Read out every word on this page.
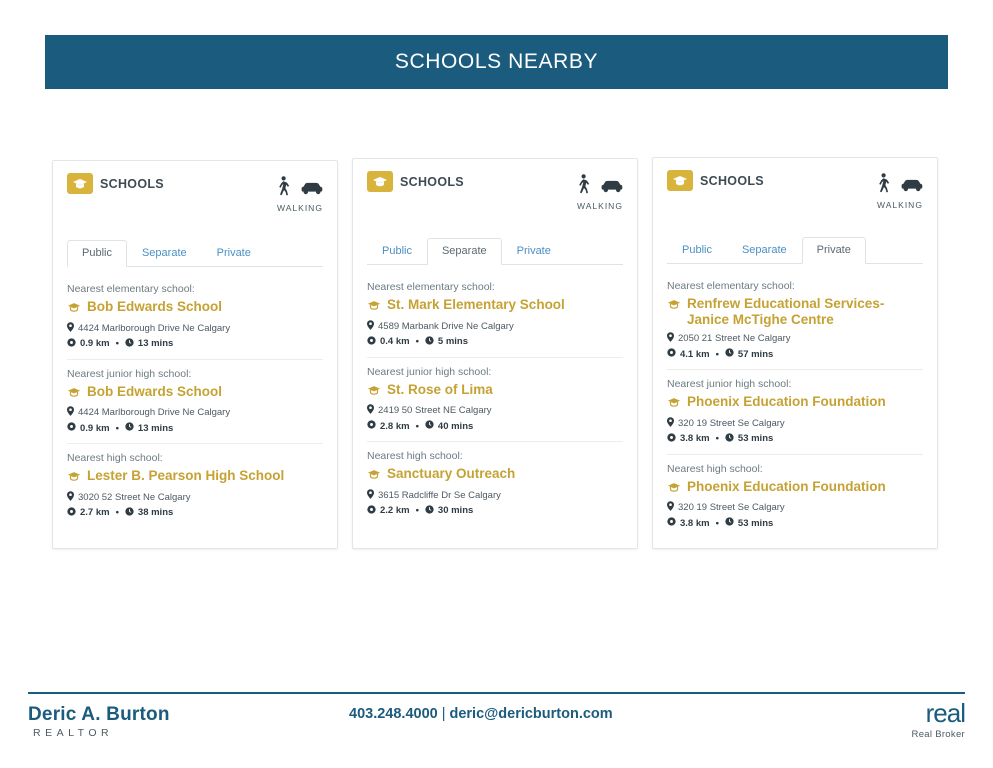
SCHOOLS NEARBY
SCHOOLS
WALKING
Public	Separate	Private
Nearest elementary school:
Bob Edwards School
4424 Marlborough Drive Ne Calgary
0.9 km • 13 mins
Nearest junior high school:
Bob Edwards School
4424 Marlborough Drive Ne Calgary
0.9 km • 13 mins
Nearest high school:
Lester B. Pearson High School
3020 52 Street Ne Calgary
2.7 km • 38 mins
SCHOOLS
WALKING
Public	Separate	Private
Nearest elementary school:
St. Mark Elementary School
4589 Marbank Drive Ne Calgary
0.4 km • 5 mins
Nearest junior high school:
St. Rose of Lima
2419 50 Street NE Calgary
2.8 km • 40 mins
Nearest high school:
Sanctuary Outreach
3615 Radcliffe Dr Se Calgary
2.2 km • 30 mins
SCHOOLS
WALKING
Public	Separate	Private
Nearest elementary school:
Renfrew Educational Services-Janice McTighe Centre
2050 21 Street Ne Calgary
4.1 km • 57 mins
Nearest junior high school:
Phoenix Education Foundation
320 19 Street Se Calgary
3.8 km • 53 mins
Nearest high school:
Phoenix Education Foundation
320 19 Street Se Calgary
3.8 km • 53 mins
Deric A. Burton
REALTOR
403.248.4000 | deric@dericburton.com	real
Real Broker
